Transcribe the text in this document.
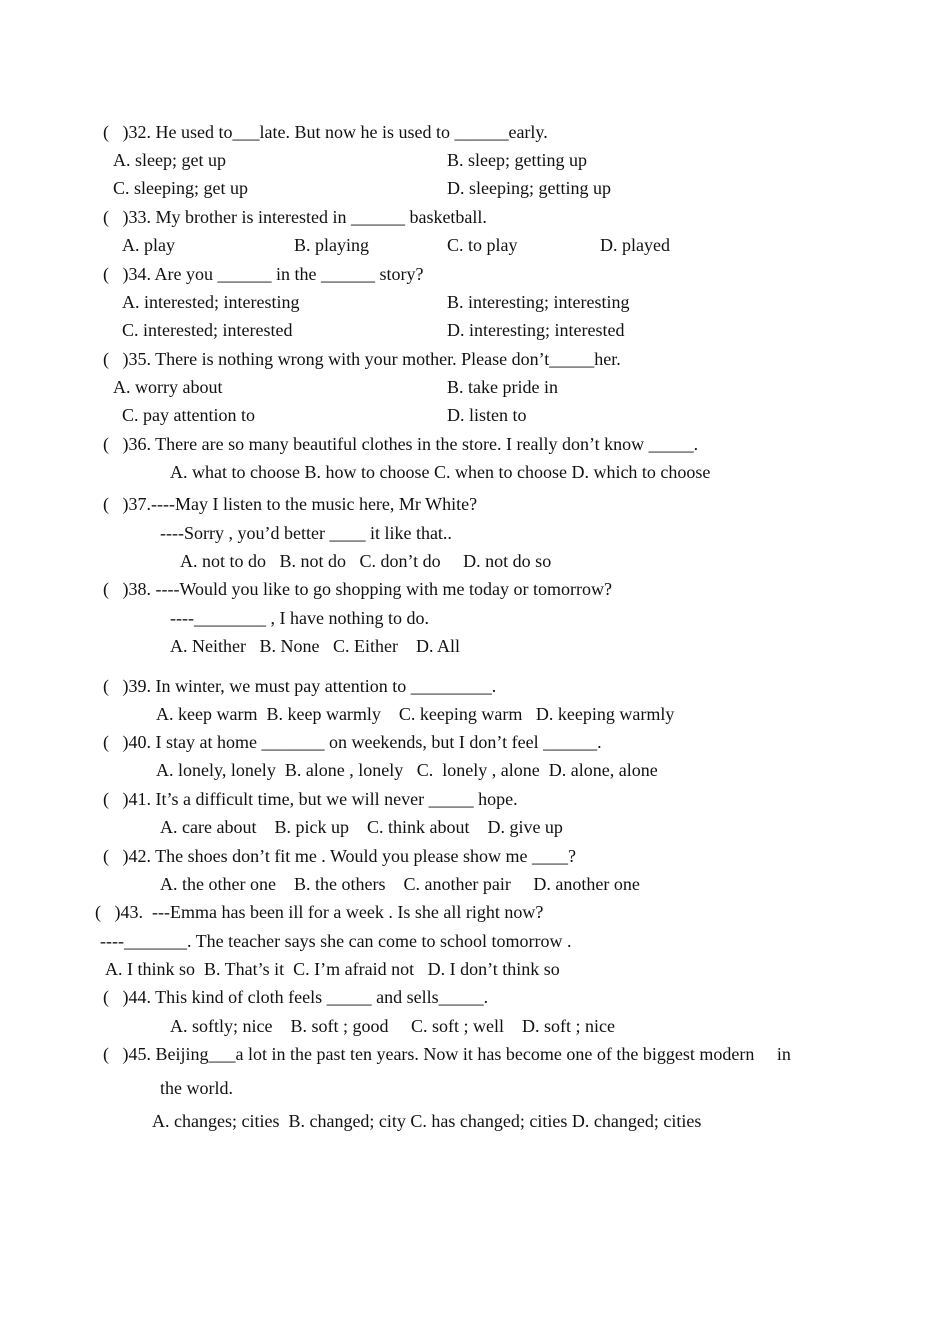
(   )32. He used to___late. But now he is used to ______early.
A. sleep; get up	B. sleep; getting up
C. sleeping; get up	D. sleeping; getting up
(   )33. My brother is interested in ______ basketball.
A. play	B. playing	C. to play	D. played
(   )34. Are you ______ in the ______ story?
A. interested; interesting	B. interesting; interesting
C. interested; interested	D. interesting; interested
(   )35. There is nothing wrong with your mother. Please don’t_____her.
A. worry about	B. take pride in
C. pay attention to	D. listen to
(   )36. There are so many beautiful clothes in the store. I really don’t know _____.
A. what to choose B. how to choose C. when to choose D. which to choose
(   )37.----May I listen to the music here, Mr White?
----Sorry , you’d better ____ it like that..
A. not to do   B. not do   C. don’t do     D. not do so
(   )38. ----Would you like to go shopping with me today or tomorrow?
----________ , I have nothing to do.
A. Neither   B. None   C. Either    D. All
(   )39. In winter, we must pay attention to _________.
A. keep warm  B. keep warmly    C. keeping warm   D. keeping warmly
(   )40. I stay at home _______ on weekends, but I don’t feel ______.
A. lonely, lonely  B. alone , lonely   C.  lonely , alone  D. alone, alone
(   )41. It’s a difficult time, but we will never _____ hope.
A. care about    B. pick up    C. think about    D. give up
(   )42. The shoes don’t fit me . Would you please show me ____?
A. the other one    B. the others    C. another pair     D. another one
(   )43.  ---Emma has been ill for a week . Is she all right now?
----_______. The teacher says she can come to school tomorrow .
A. I think so  B. That’s it  C. I’m afraid not   D. I don’t think so
(   )44. This kind of cloth feels _____ and sells_____.
A. softly; nice    B. soft ; good     C. soft ; well    D. soft ; nice
(   )45. Beijing___a lot in the past ten years. Now it has become one of the biggest modern     in
the world.
A. changes; cities  B. changed; city C. has changed; cities D. changed; cities
